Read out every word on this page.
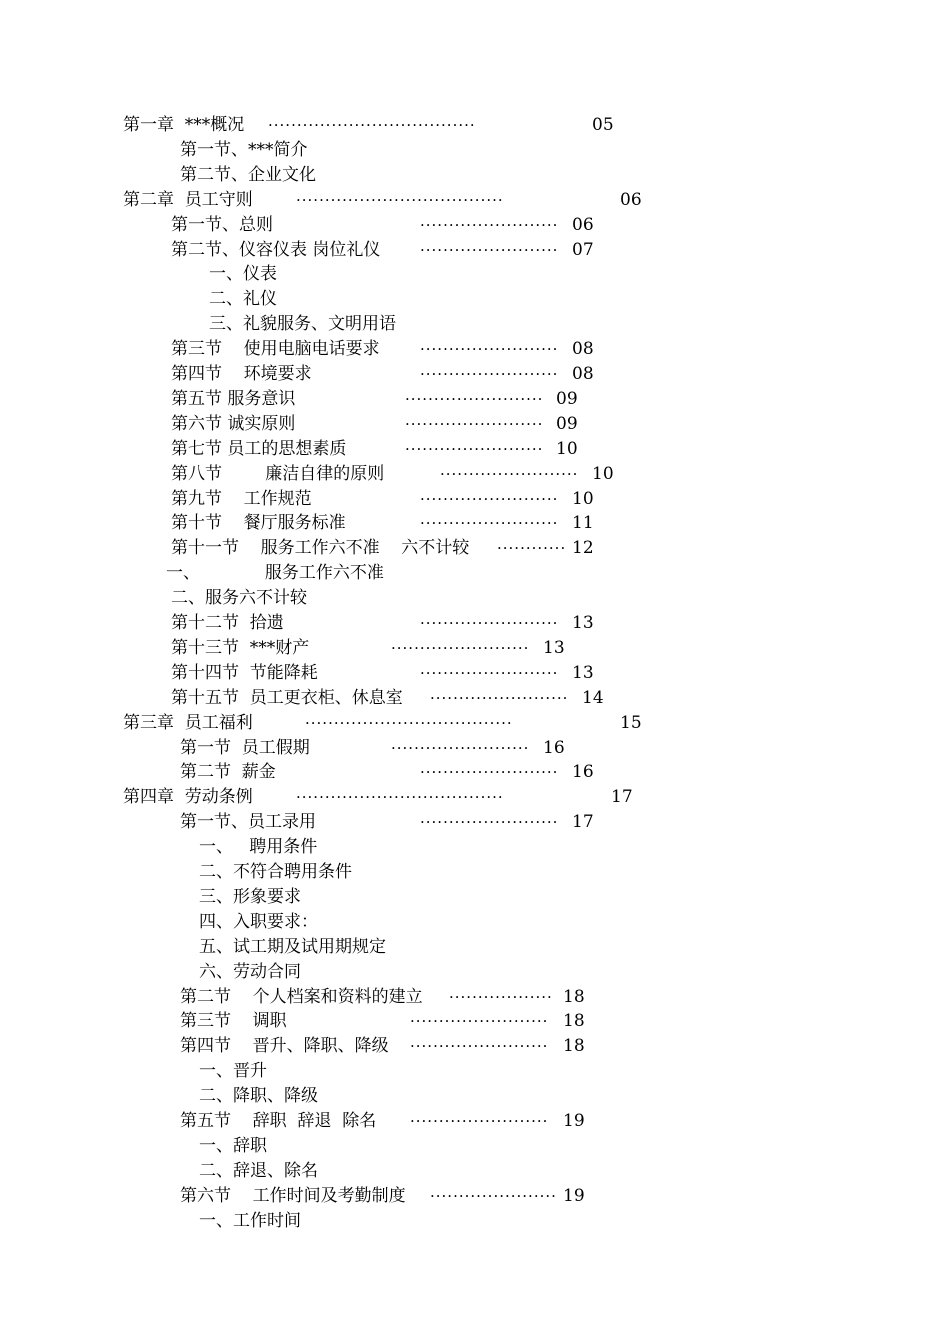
第一章  ***概况 ····································	05
第一节、***简介
第二节、企业文化
第二章  员工守则	····································	06
第一节、总则	························ 06
第二节、仪容仪表 岗位礼仪	························ 07
一、仪表
二、礼仪
三、礼貌服务、文明用语
第三节    使用电脑电话要求	························ 08
第四节    环境要求	························ 08
第五节 服务意识	························ 09
第六节 诚实原则	························ 09
第七节 员工的思想素质	························ 10
第八节        廉洁自律的原则	························ 10
第九节    工作规范	························ 10
第十节    餐厅服务标准	························ 11
第十一节    服务工作六不准    六不计较 ············ 12
一、            服务工作六不准
二、服务六不计较
第十二节  拾遗	························ 13
第十三节  ***财产	························ 13
第十四节  节能降耗	························ 13
第十五节  员工更衣柜、休息室 ························ 14
第三章  员工福利	····································	15
第一节  员工假期	························ 16
第二节  薪金	························ 16
第四章  劳动条例	····································	17
第一节、员工录用	························ 17
一、   聘用条件
二、不符合聘用条件
三、形象要求
四、入职要求：
五、试工期及试用期规定
六、劳动合同
第二节    个人档案和资料的建立 ·················· 18
第三节    调职	························ 18
第四节    晋升、降职、降级 ························ 18
一、晋升
二、降职、降级
第五节    辞职  辞退  除名 ························ 19
一、辞职
二、辞退、除名
第六节    工作时间及考勤制度 ······················ 19
一、工作时间
